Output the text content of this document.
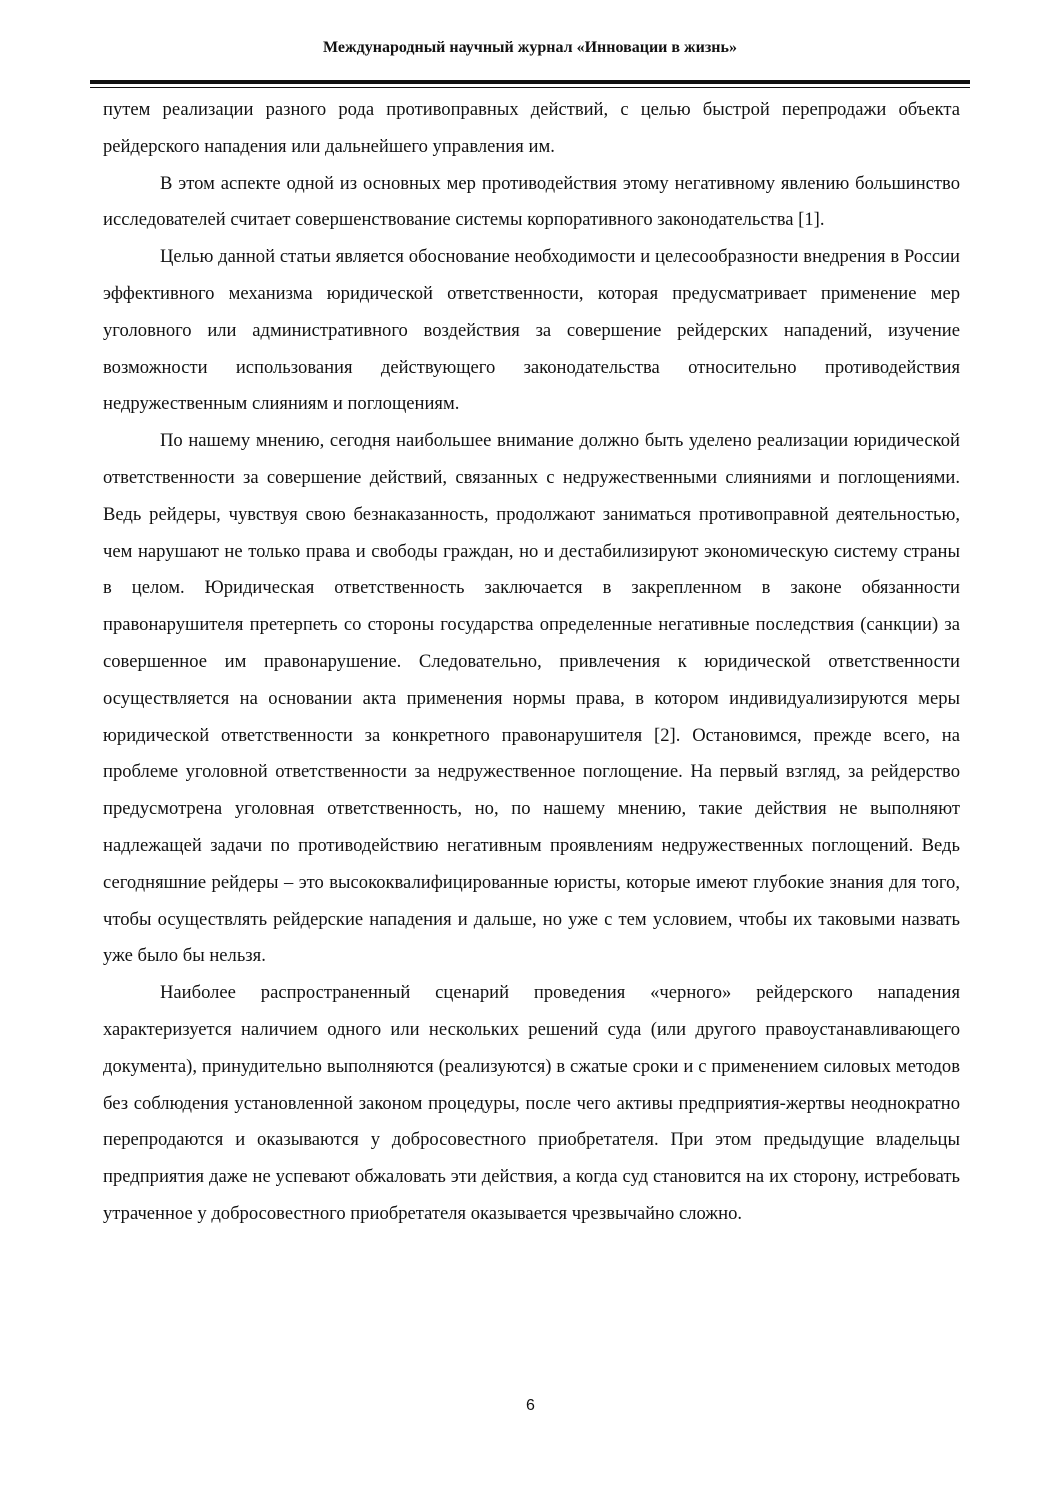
Международный научный журнал «Инновации в жизнь»

путем реализации разного рода противоправных действий, с целью быстрой перепродажи объекта рейдерского нападения или дальнейшего управления им.

В этом аспекте одной из основных мер противодействия этому негативному явлению большинство исследователей считает совершенствование системы корпоративного законодательства [1].

Целью данной статьи является обоснование необходимости и целесообразности внедрения в России эффективного механизма юридической ответственности, которая предусматривает применение мер уголовного или административного воздействия за совершение рейдерских нападений, изучение возможности использования действующего законодательства относительно противодействия недружественным слияниям и поглощениям.

По нашему мнению, сегодня наибольшее внимание должно быть уделено реализации юридической ответственности за совершение действий, связанных с недружественными слияниями и поглощениями. Ведь рейдеры, чувствуя свою безнаказанность, продолжают заниматься противоправной деятельностью, чем нарушают не только права и свободы граждан, но и дестабилизируют экономическую систему страны в целом. Юридическая ответственность заключается в закрепленном в законе обязанности правонарушителя претерпеть со стороны государства определенные негативные последствия (санкции) за совершенное им правонарушение. Следовательно, привлечения к юридической ответственности осуществляется на основании акта применения нормы права, в котором индивидуализируются меры юридической ответственности за конкретного правонарушителя [2]. Остановимся, прежде всего, на проблеме уголовной ответственности за недружественное поглощение. На первый взгляд, за рейдерство предусмотрена уголовная ответственность, но, по нашему мнению, такие действия не выполняют надлежащей задачи по противодействию негативным проявлениям недружественных поглощений. Ведь сегодняшние рейдеры – это высококвалифицированные юристы, которые имеют глубокие знания для того, чтобы осуществлять рейдерские нападения и дальше, но уже с тем условием, чтобы их таковыми назвать уже было бы нельзя.

Наиболее распространенный сценарий проведения «черного» рейдерского нападения характеризуется наличием одного или нескольких решений суда (или другого правоустанавливающего документа), принудительно выполняются (реализуются) в сжатые сроки и с применением силовых методов без соблюдения установленной законом процедуры, после чего активы предприятия-жертвы неоднократно перепродаются и оказываются у добросовестного приобретателя. При этом предыдущие владельцы предприятия даже не успевают обжаловать эти действия, а когда суд становится на их сторону, истребовать утраченное у добросовестного приобретателя оказывается чрезвычайно сложно.

6
